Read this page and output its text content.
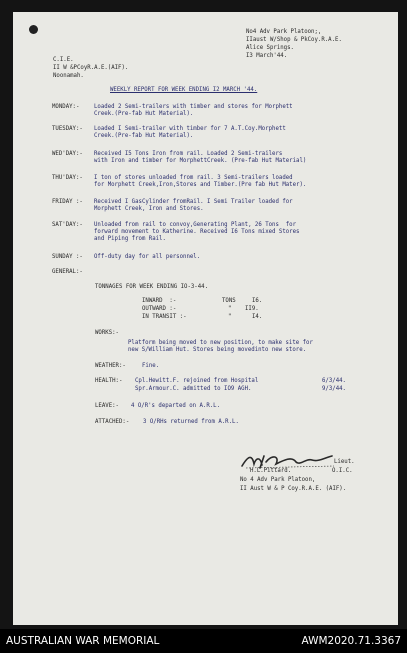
No4 Adv Park Platoon;,
IIaust W/Shop & PkCoy.R.A.E.
Alice Springs.
I3 March'44.
C.I.E.
II W &PCoyR.A.E.(AIF).
Noonamah.
WEEKLY REPORT FOR WEEK ENDING I2 MARCH '44.
MONDAY:-	Loaded 2 Semi-trailers with timber and stores for Morphett
Creek.(Pre-fab Hut Material).
TUESDAY:- Loaded I Semi-trailer with timber for 7 A.T.Coy.Morphett
Creek.(Pre-fab Hut Material).
WED'DAY:- Received I5 Tons Iron from rail. Loaded 2 Semi-trailers
with Iron and timber for MorphettCreek. (Pre-fab Hut Material)
THU'DAY:- I ton of stores unloaded from rail. 3 Semi-trailers loaded
for Morphett Creek,Iron,Stores and Timber.(Pre fab Hut Mater).
FRIDAY :- Received I GasCylinder fromRail. I Semi Trailer loaded for
Morphett Creek, Iron and Stores.
SAT'DAY:- Unloaded from rail to convoy,Generating Plant, 26 Tons  for
forward movement to Katherine. Received I6 Tons mixed Stores
and Piping from Rail.
SUNDAY :- Off-duty day for all personnel.
GENERAL:-
TONNAGES FOR WEEK ENDING IO-3-44.
INWARD  :-	TONS	I6.
OUTWARD :-	" II9.
IN TRANSIT :-	"	I4.
WORKS:-
Platform being moved to new position, to make site for
new S/William Hut. Stores being movedinto new store.
WEATHER:-	Fine.
HEALTH:- Cpl.Hewitt.F. rejoined from Hospital	6/3/44.
Spr.Armour.C. admitted to IO9 AGH.	9/3/44.
LEAVE:- 4 O/R's departed on A.R.L.
ATTACHED:- 3 O/RHs returned from A.R.L.
Lieut.
H.L.Pittard.	O.I.C.
No 4 Adv Park Platoon,
II Aust W & P Coy.R.A.E. (AIF).
AUSTRALIAN WAR MEMORIAL	AWM2020.71.3367
